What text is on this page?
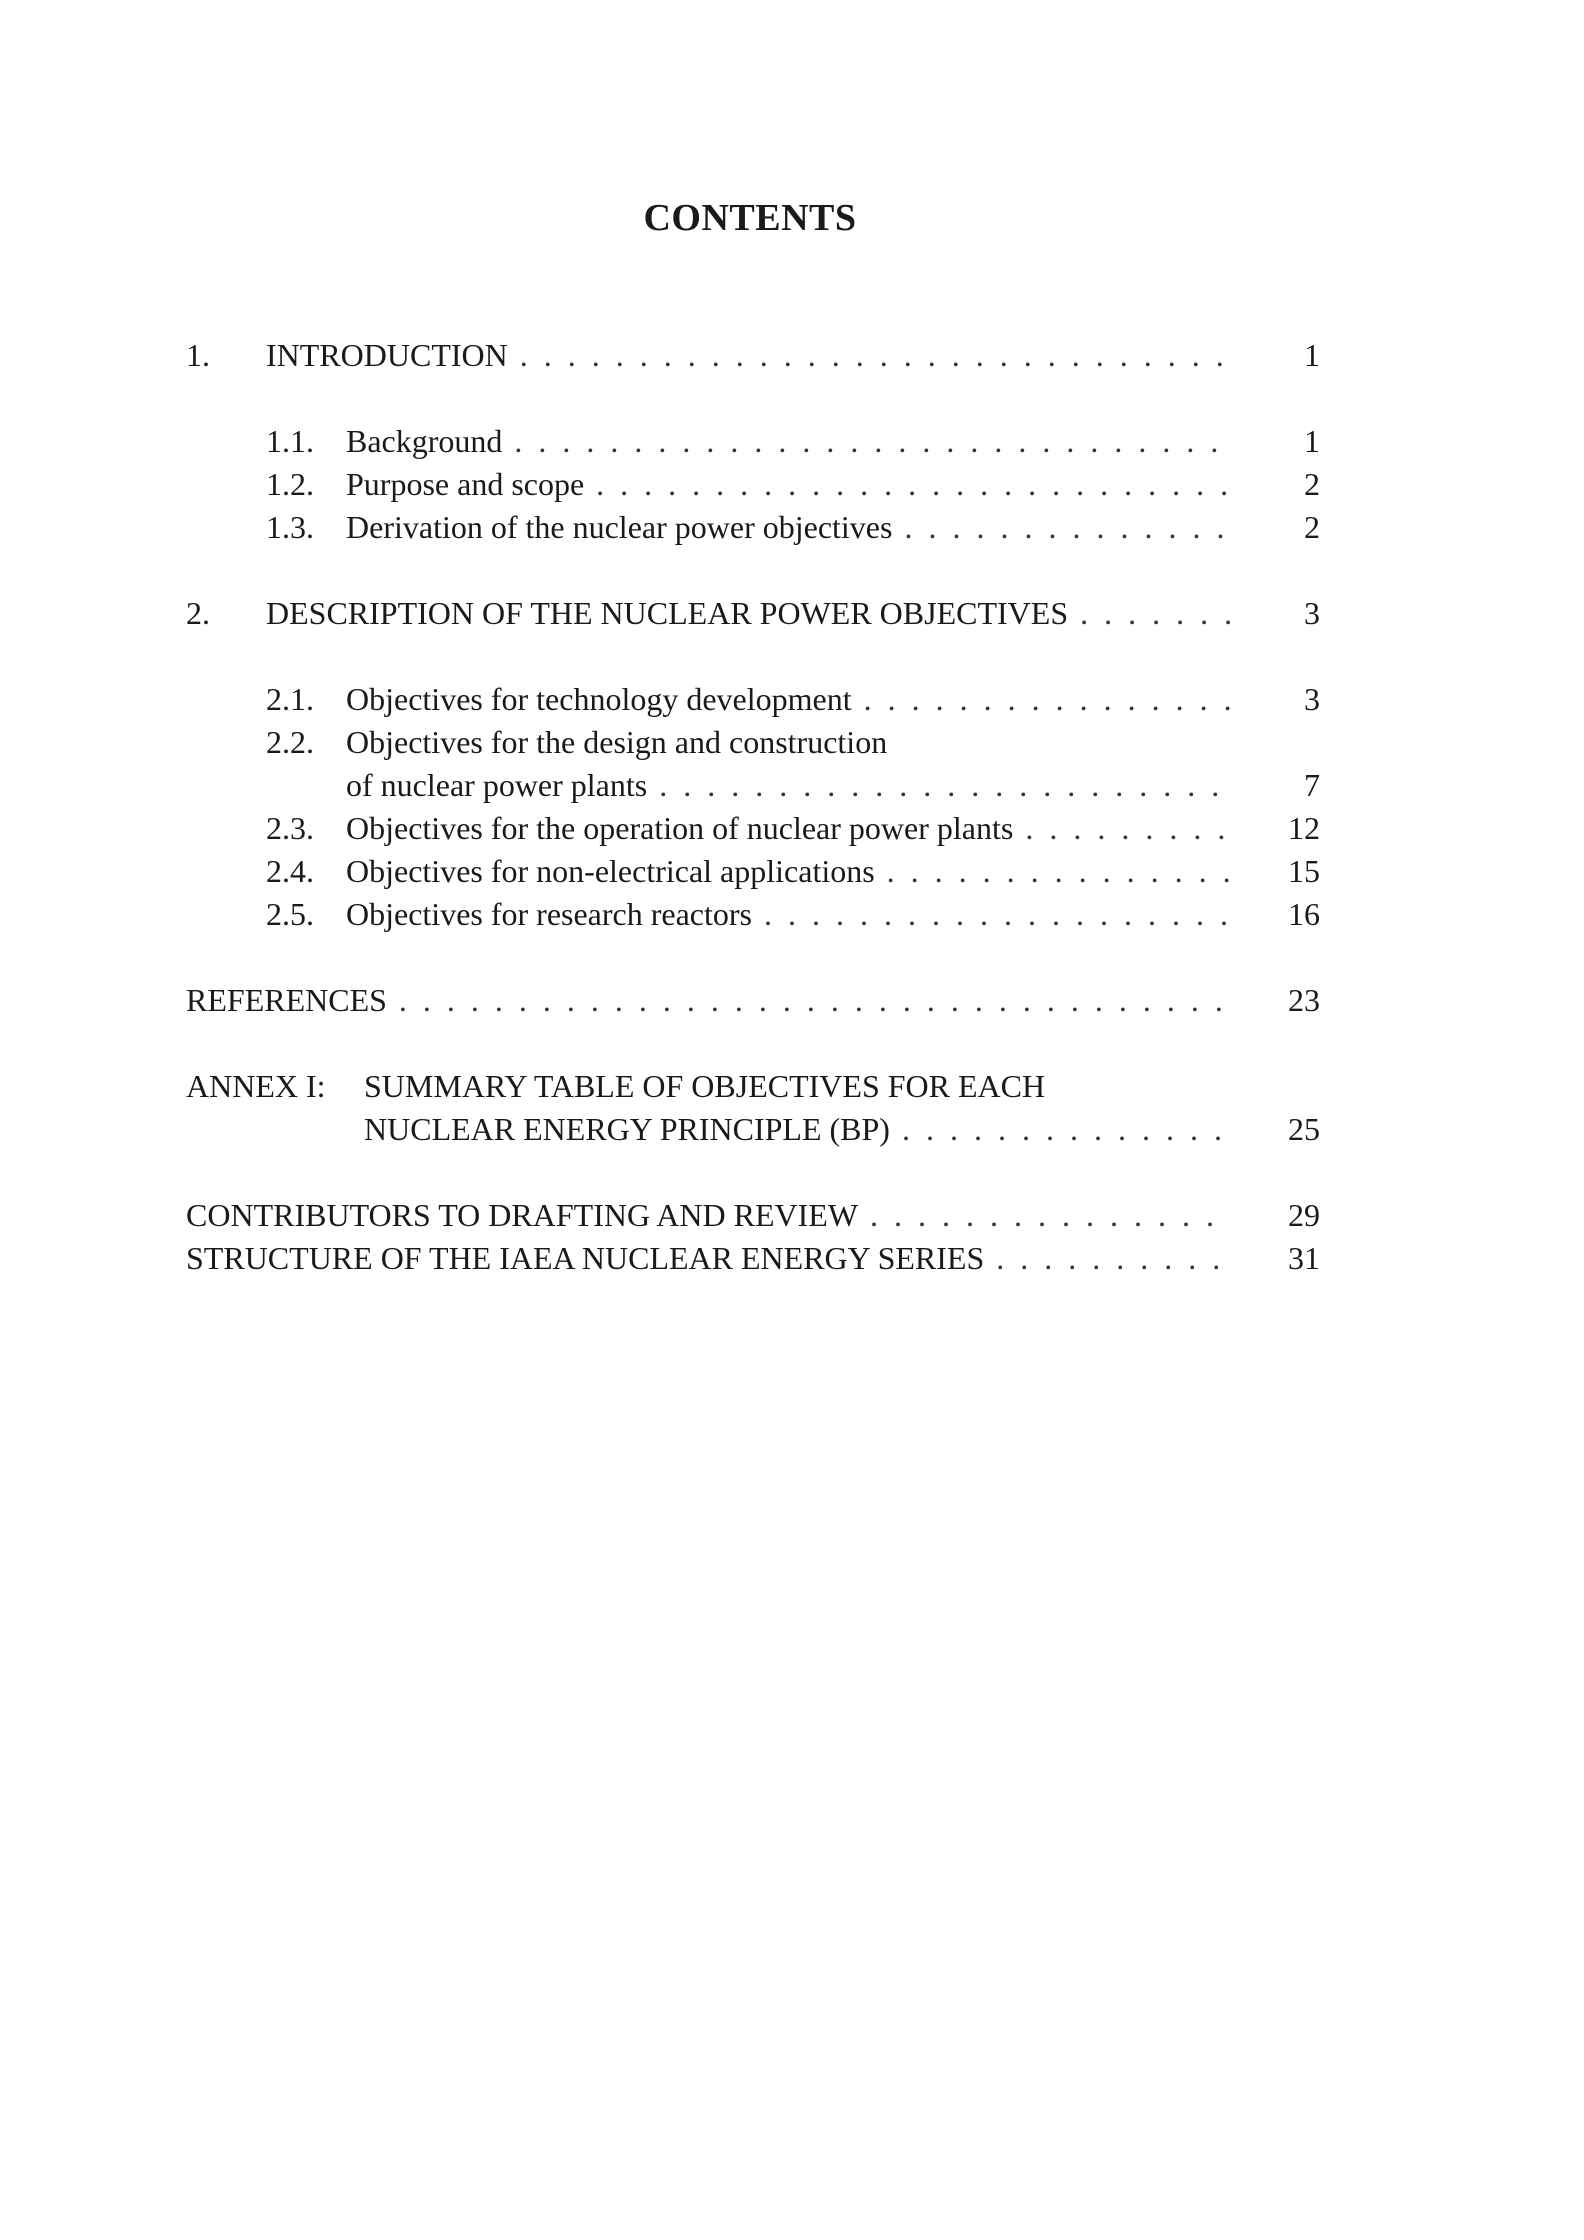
CONTENTS
1. INTRODUCTION . . .	1
1.1. Background . . .	1
1.2. Purpose and scope . . .	2
1.3. Derivation of the nuclear power objectives . . .	2
2. DESCRIPTION OF THE NUCLEAR POWER OBJECTIVES . . .	3
2.1. Objectives for technology development . . .	3
2.2. Objectives for the design and construction
of nuclear power plants . . .	7
2.3. Objectives for the operation of nuclear power plants . . .	12
2.4. Objectives for non-electrical applications . . .	15
2.5. Objectives for research reactors . . .	16
REFERENCES . . .	23
ANNEX I: SUMMARY TABLE OF OBJECTIVES FOR EACH
NUCLEAR ENERGY PRINCIPLE (BP) . . .	25
CONTRIBUTORS TO DRAFTING AND REVIEW . . .	29
STRUCTURE OF THE IAEA NUCLEAR ENERGY SERIES . . .	31
